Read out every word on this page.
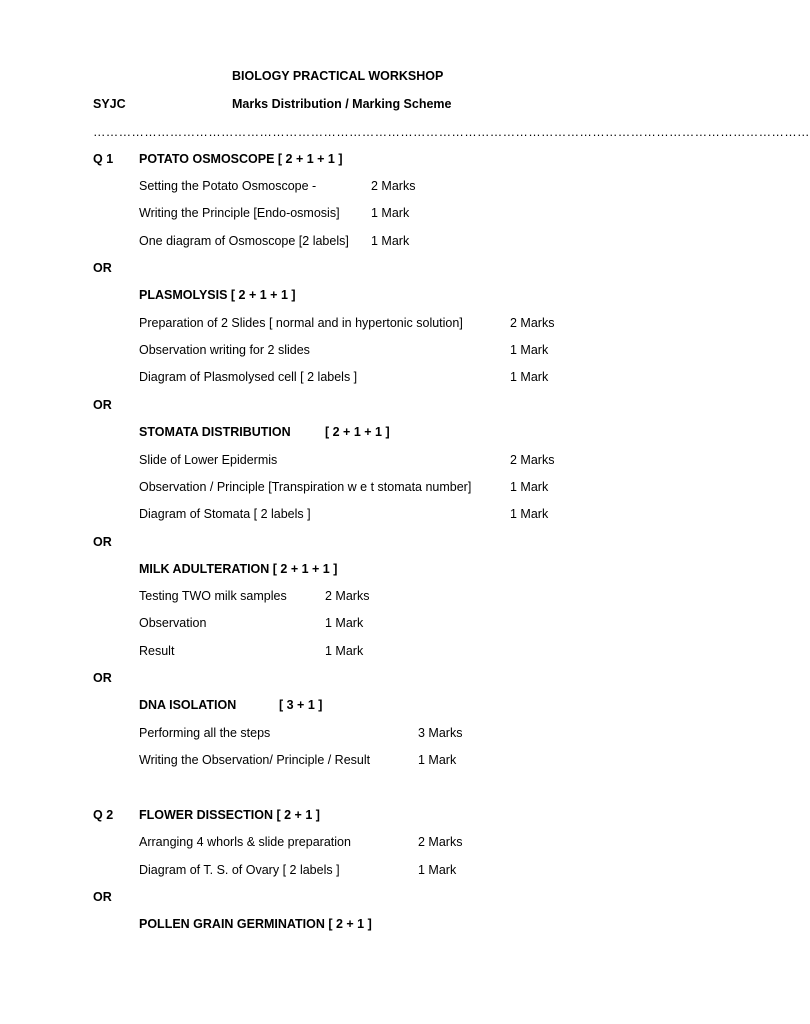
BIOLOGY PRACTICAL WORKSHOP
SYJC	Marks Distribution / Marking Scheme
……………………………………………………………………………………………………………………………………………………
Q 1 POTATO OSMOSCOPE [ 2 + 1 + 1 ]
Setting the Potato Osmoscope -	2 Marks
Writing the Principle [Endo-osmosis]	1 Mark
One diagram of Osmoscope [2 labels] 1 Mark
OR
PLASMOLYSIS [ 2 + 1 + 1 ]
Preparation of 2 Slides [ normal and in hypertonic solution]	2 Marks
Observation writing for 2 slides	1 Mark
Diagram of Plasmolysed cell [ 2 labels ]	1 Mark
OR
STOMATA DISTRIBUTION	[ 2 + 1 + 1 ]
Slide of Lower Epidermis	2 Marks
Observation / Principle [Transpiration w e t stomata number]	1 Mark
Diagram of Stomata [ 2 labels ]	1 Mark
OR
MILK ADULTERATION [ 2 + 1 + 1 ]
Testing TWO milk samples	2 Marks
Observation	1 Mark
Result	1 Mark
OR
DNA ISOLATION	[ 3 + 1 ]
Performing all the steps	3 Marks
Writing the Observation/ Principle / Result	1 Mark
Q 2 FLOWER DISSECTION [ 2 + 1 ]
Arranging 4 whorls & slide preparation	2 Marks
Diagram of T. S. of Ovary [ 2 labels ]	1 Mark
OR
POLLEN GRAIN GERMINATION [ 2 + 1 ]
